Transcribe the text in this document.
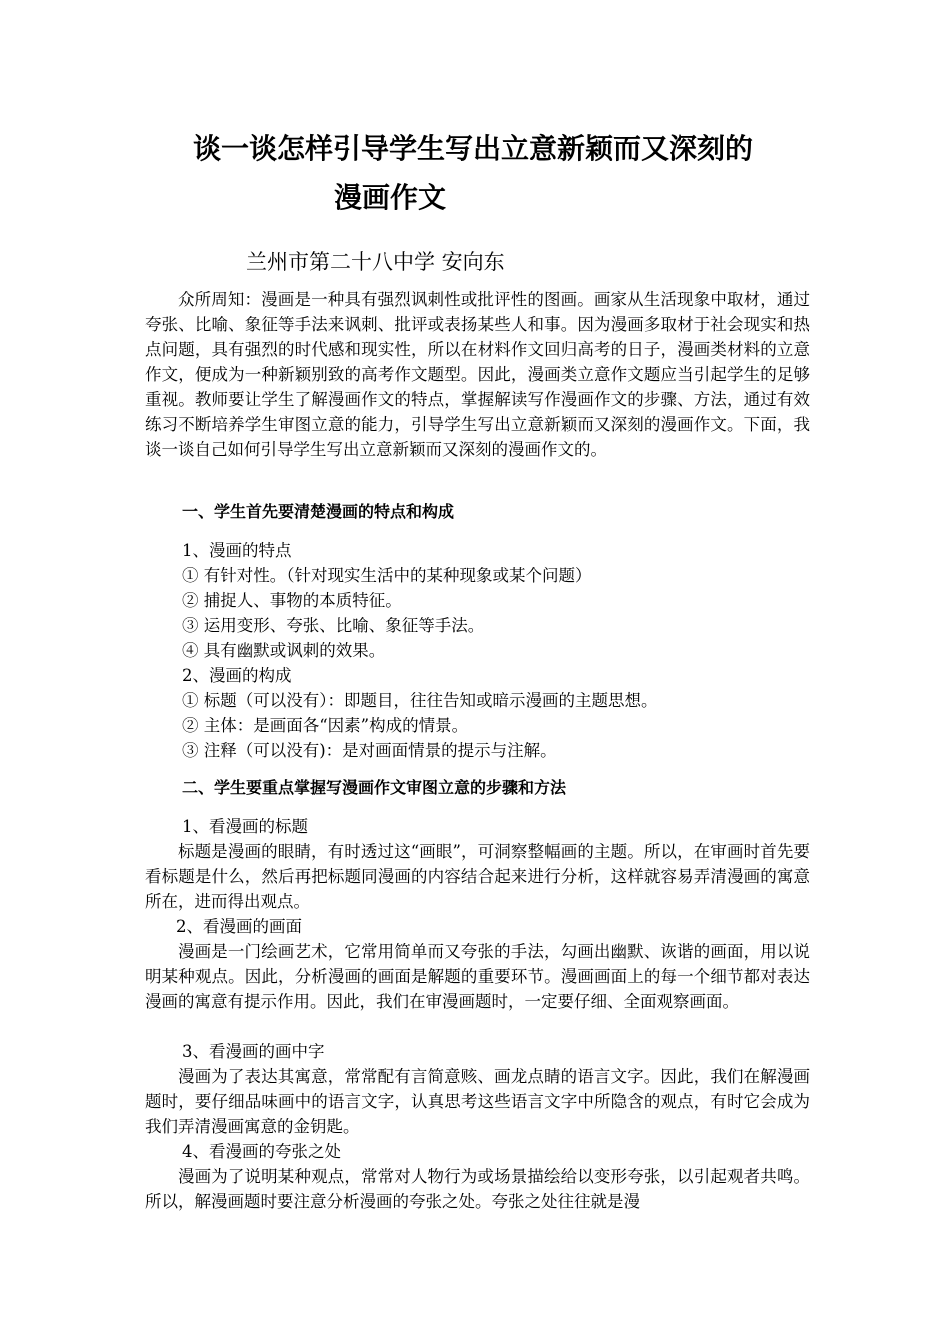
谈一谈怎样引导学生写出立意新颖而又深刻的
漫画作文
兰州市第二十八中学 安向东

众所周知：漫画是一种具有强烈讽刺性或批评性的图画。画家从生活现象中取材，通过夸张、比喻、象征等手法来讽刺、批评或表扬某些人和事。因为漫画多取材于社会现实和热点问题，具有强烈的时代感和现实性，所以在材料作文回归高考的日子，漫画类材料的立意作文，便成为一种新颖别致的高考作文题型。因此，漫画类立意作文题应当引起学生的足够重视。教师要让学生了解漫画作文的特点，掌握解读写作漫画作文的步骤、方法，通过有效练习不断培养学生审图立意的能力，引导学生写出立意新颖而又深刻的漫画作文。下面，我谈一谈自己如何引导学生写出立意新颖而又深刻的漫画作文的。

一、学生首先要清楚漫画的特点和构成
1、漫画的特点
① 有针对性。（针对现实生活中的某种现象或某个问题）
② 捕捉人、事物的本质特征。
③ 运用变形、夸张、比喻、象征等手法。
④ 具有幽默或讽刺的效果。
2、漫画的构成
① 标题（可以没有）：即题目，往往告知或暗示漫画的主题思想。
② 主体：是画面各“因素”构成的情景。
③ 注释（可以没有)：是对画面情景的提示与注解。
二、学生要重点掌握写漫画作文审图立意的步骤和方法
1、看漫画的标题

标题是漫画的眼睛，有时透过这“画眼”，可洞察整幅画的主题。所以，在审画时首先要看标题是什么，然后再把标题同漫画的内容结合起来进行分析，这样就容易弄清漫画的寓意所在，进而得出观点。

2、看漫画的画面

漫画是一门绘画艺术，它常用简单而又夸张的手法，勾画出幽默、诙谐的画面，用以说明某种观点。因此，分析漫画的画面是解题的重要环节。漫画画面上的每一个细节都对表达漫画的寓意有提示作用。因此，我们在审漫画题时，一定要仔细、全面观察画面。

3、看漫画的画中字

漫画为了表达其寓意，常常配有言简意赅、画龙点睛的语言文字。因此，我们在解漫画题时，要仔细品味画中的语言文字，认真思考这些语言文字中所隐含的观点，有时它会成为我们弄清漫画寓意的金钥匙。

4、看漫画的夸张之处

漫画为了说明某种观点，常常对人物行为或场景描绘给以变形夸张，以引起观者共鸣。所以，解漫画题时要注意分析漫画的夸张之处。夸张之处往往就是漫
